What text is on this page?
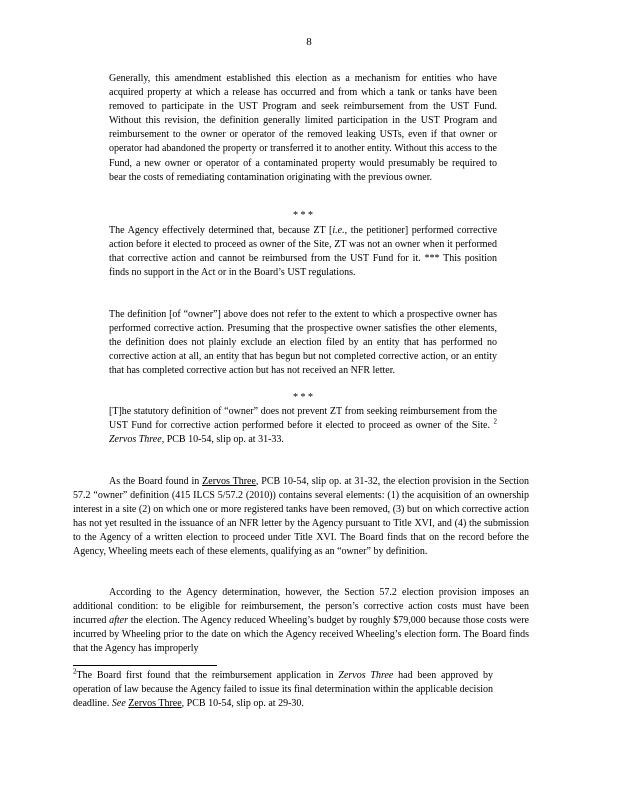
8

Generally, this amendment established this election as a mechanism for entities who have acquired property at which a release has occurred and from which a tank or tanks have been removed to participate in the UST Program and seek reimbursement from the UST Fund. Without this revision, the definition generally limited participation in the UST Program and reimbursement to the owner or operator of the removed leaking USTs, even if that owner or operator had abandoned the property or transferred it to another entity. Without this access to the Fund, a new owner or operator of a contaminated property would presumably be required to bear the costs of remediating contamination originating with the previous owner.

* * *

The Agency effectively determined that, because ZT [i.e., the petitioner] performed corrective action before it elected to proceed as owner of the Site, ZT was not an owner when it performed that corrective action and cannot be reimbursed from the UST Fund for it. *** This position finds no support in the Act or in the Board’s UST regulations.

The definition [of “owner”] above does not refer to the extent to which a prospective owner has performed corrective action. Presuming that the prospective owner satisfies the other elements, the definition does not plainly exclude an election filed by an entity that has performed no corrective action at all, an entity that has begun but not completed corrective action, or an entity that has completed corrective action but has not received an NFR letter.

* * *

[T]he statutory definition of “owner” does not prevent ZT from seeking reimbursement from the UST Fund for corrective action performed before it elected to proceed as owner of the Site. $^2$ Zervos Three, PCB 10-54, slip op. at 31-33.

As the Board found in Zervos Three, PCB 10-54, slip op. at 31-32, the election provision in the Section 57.2 “owner” definition (415 ILCS 5/57.2 (2010)) contains several elements: (1) the acquisition of an ownership interest in a site (2) on which one or more registered tanks have been removed, (3) but on which corrective action has not yet resulted in the issuance of an NFR letter by the Agency pursuant to Title XVI, and (4) the submission to the Agency of a written election to proceed under Title XVI. The Board finds that on the record before the Agency, Wheeling meets each of these elements, qualifying as an “owner” by definition.

According to the Agency determination, however, the Section 57.2 election provision imposes an additional condition: to be eligible for reimbursement, the person’s corrective action costs must have been incurred after the election. The Agency reduced Wheeling’s budget by roughly $79,000 because those costs were incurred by Wheeling prior to the date on which the Agency received Wheeling’s election form. The Board finds that the Agency has improperly

$^2$The Board first found that the reimbursement application in Zervos Three had been approved by operation of law because the Agency failed to issue its final determination within the applicable decision deadline. See Zervos Three, PCB 10-54, slip op. at 29-30.
